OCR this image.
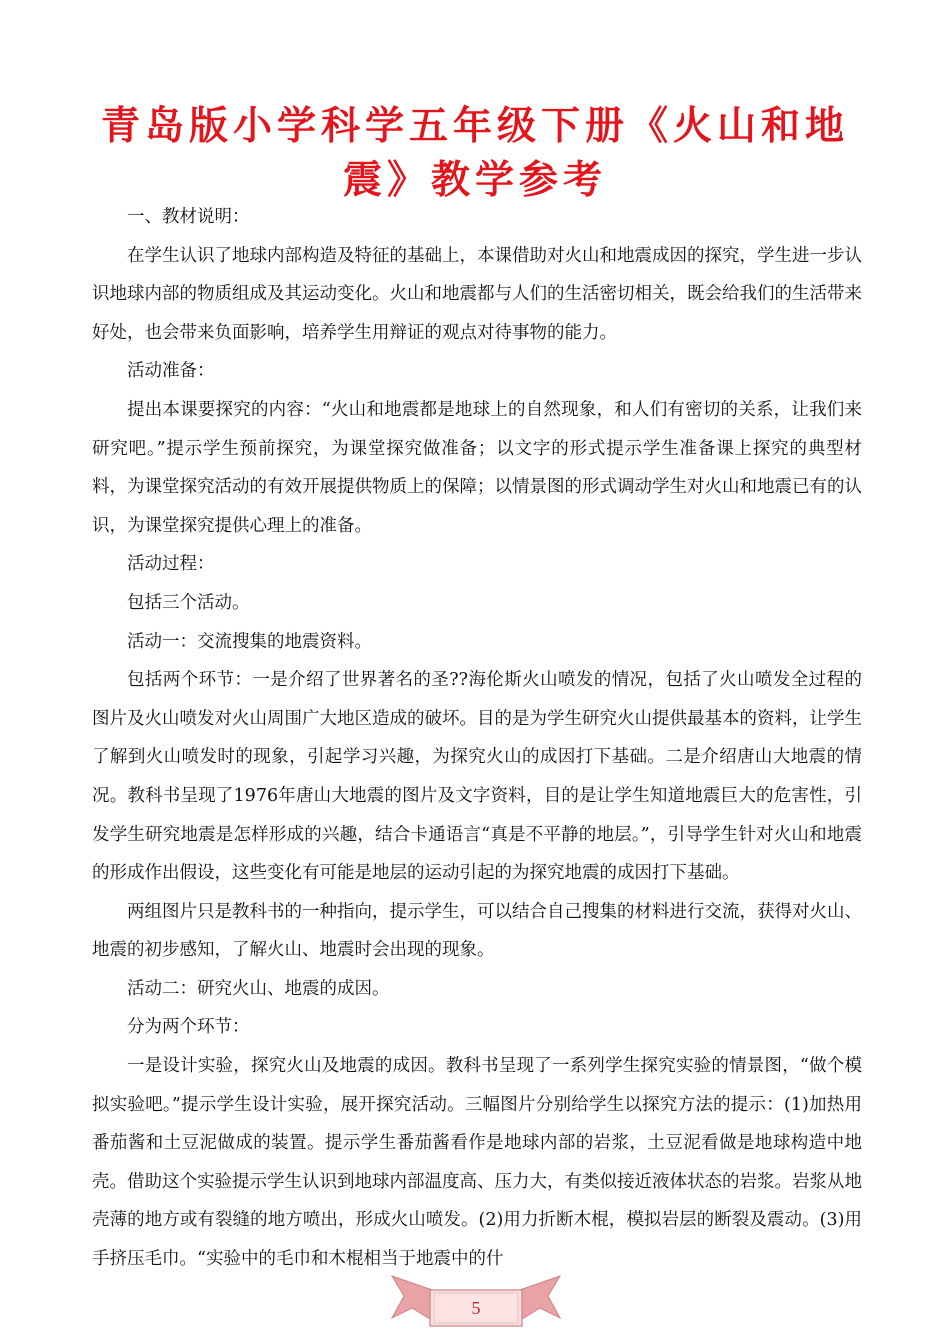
青岛版小学科学五年级下册《火山和地震》教学参考

一、教材说明：

在学生认识了地球内部构造及特征的基础上，本课借助对火山和地震成因的探究，学生进一步认识地球内部的物质组成及其运动变化。火山和地震都与人们的生活密切相关，既会给我们的生活带来好处，也会带来负面影响，培养学生用辩证的观点对待事物的能力。

活动准备：

提出本课要探究的内容：“火山和地震都是地球上的自然现象，和人们有密切的关系，让我们来研究吧。”提示学生预前探究，为课堂探究做准备；以文字的形式提示学生准备课上探究的典型材料，为课堂探究活动的有效开展提供物质上的保障；以情景图的形式调动学生对火山和地震已有的认识，为课堂探究提供心理上的准备。

活动过程：

包括三个活动。

活动一：交流搜集的地震资料。

包括两个环节：一是介绍了世界著名的圣??海伦斯火山喷发的情况，包括了火山喷发全过程的图片及火山喷发对火山周围广大地区造成的破坏。目的是为学生研究火山提供最基本的资料，让学生了解到火山喷发时的现象，引起学习兴趣，为探究火山的成因打下基础。二是介绍唐山大地震的情况。教科书呈现了1976年唐山大地震的图片及文字资料，目的是让学生知道地震巨大的危害性，引发学生研究地震是怎样形成的兴趣，结合卡通语言“真是不平静的地层。”，引导学生针对火山和地震的形成作出假设，这些变化有可能是地层的运动引起的为探究地震的成因打下基础。

两组图片只是教科书的一种指向，提示学生，可以结合自己搜集的材料进行交流，获得对火山、地震的初步感知，了解火山、地震时会出现的现象。

活动二：研究火山、地震的成因。

分为两个环节：

一是设计实验，探究火山及地震的成因。教科书呈现了一系列学生探究实验的情景图，“做个模拟实验吧。”提示学生设计实验，展开探究活动。三幅图片分别给学生以探究方法的提示：(1)加热用番茄酱和土豆泥做成的装置。提示学生番茄酱看作是地球内部的岩浆，土豆泥看做是地球构造中地壳。借助这个实验提示学生认识到地球内部温度高、压力大，有类似接近液体状态的岩浆。岩浆从地壳薄的地方或有裂缝的地方喷出，形成火山喷发。(2)用力折断木棍，模拟岩层的断裂及震动。(3)用手挤压毛巾。“实验中的毛巾和木棍相当于地震中的什

5
